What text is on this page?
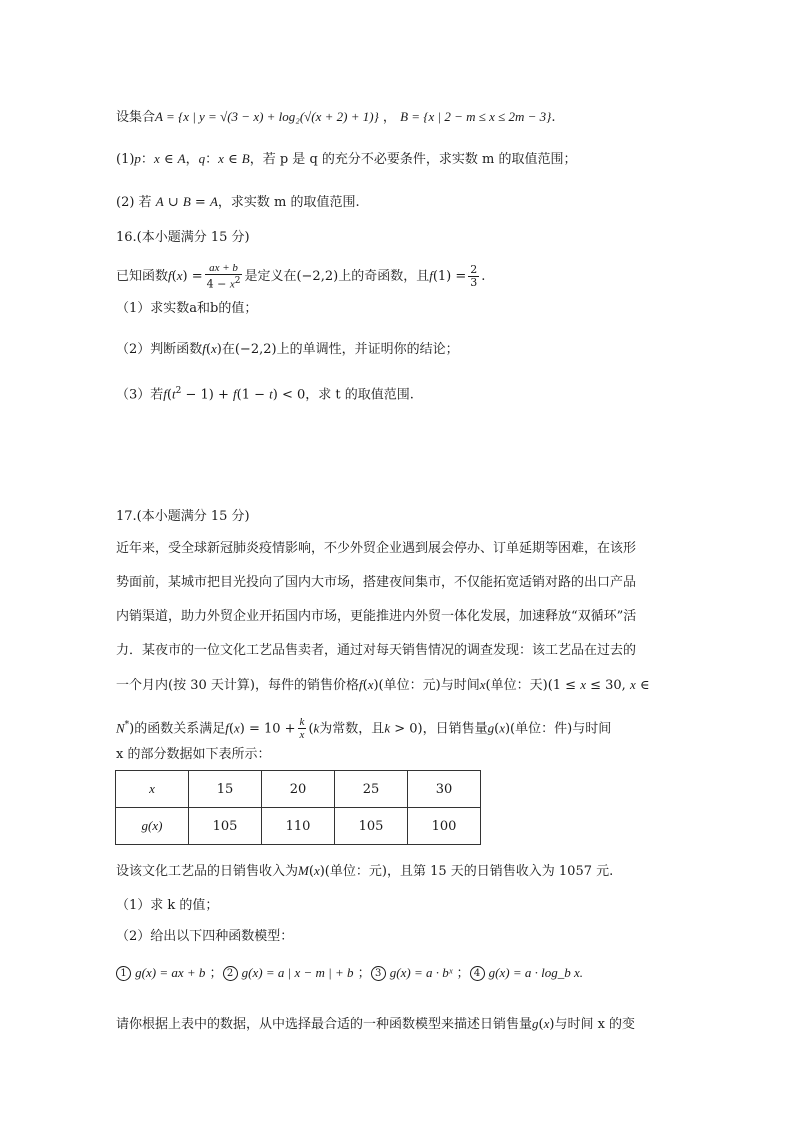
设集合A = {x | y = √(3 − x) + log₂(√(x + 2) + 1)} ， B = {x | 2 − m ≤ x ≤ 2m − 3}.
(1)p：x ∈ A，q：x ∈ B，若 p 是 q 的充分不必要条件，求实数 m 的取值范围；
(2) 若 A ∪ B = A，求实数 m 的取值范围.
16.(本小题满分 15 分)
已知函数$f(x) = \frac{ax + b}{4 - x^2}$ 是定义在(−2,2)上的奇函数，且$f(1) = \frac{2}{3}$ .
（1）求实数a和b的值；
（2）判断函数f(x)在(−2,2)上的单调性，并证明你的结论；
（3）若$f(t^2 - 1) + f(1 - t) < 0$，求 t 的取值范围.
17.(本小题满分 15 分)
近年来，受全球新冠肺炎疫情影响，不少外贸企业遇到展会停办、订单延期等困难，在该形
势面前，某城市把目光投向了国内大市场，搭建夜间集市，不仅能拓宽适销对路的出口产品
内销渠道，助力外贸企业开拓国内市场，更能推进内外贸一体化发展，加速释放“双循环”活
力．某夜市的一位文化工艺品售卖者，通过对每天销售情况的调查发现：该工艺品在过去的
一个月内(按 30 天计算)，每件的销售价格f(x)(单位：元)与时间x(单位：天)(1 ≤ x ≤ 30, x ∈
N*)的函数关系满足$f(x) = 10 + \frac{k}{x} (k$为常数，且k > 0)，日销售量g(x)(单位：件)与时间
x 的部分数据如下表所示：
x	15	20	25	30
g(x)	105	110	105	100
设该文化工艺品的日销售收入为M(x)(单位：元)，且第 15 天的日销售收入为 1057 元.
（1）求 k 的值；
（2）给出以下四种函数模型：
1 g(x) = ax + b ； 2 g(x) = a | x − m | + b ； 3 g(x) = a · bˣ ； 4 g(x) = a · log_b x.
请你根据上表中的数据，从中选择最合适的一种函数模型来描述日销售量g(x)与时间 x 的变
